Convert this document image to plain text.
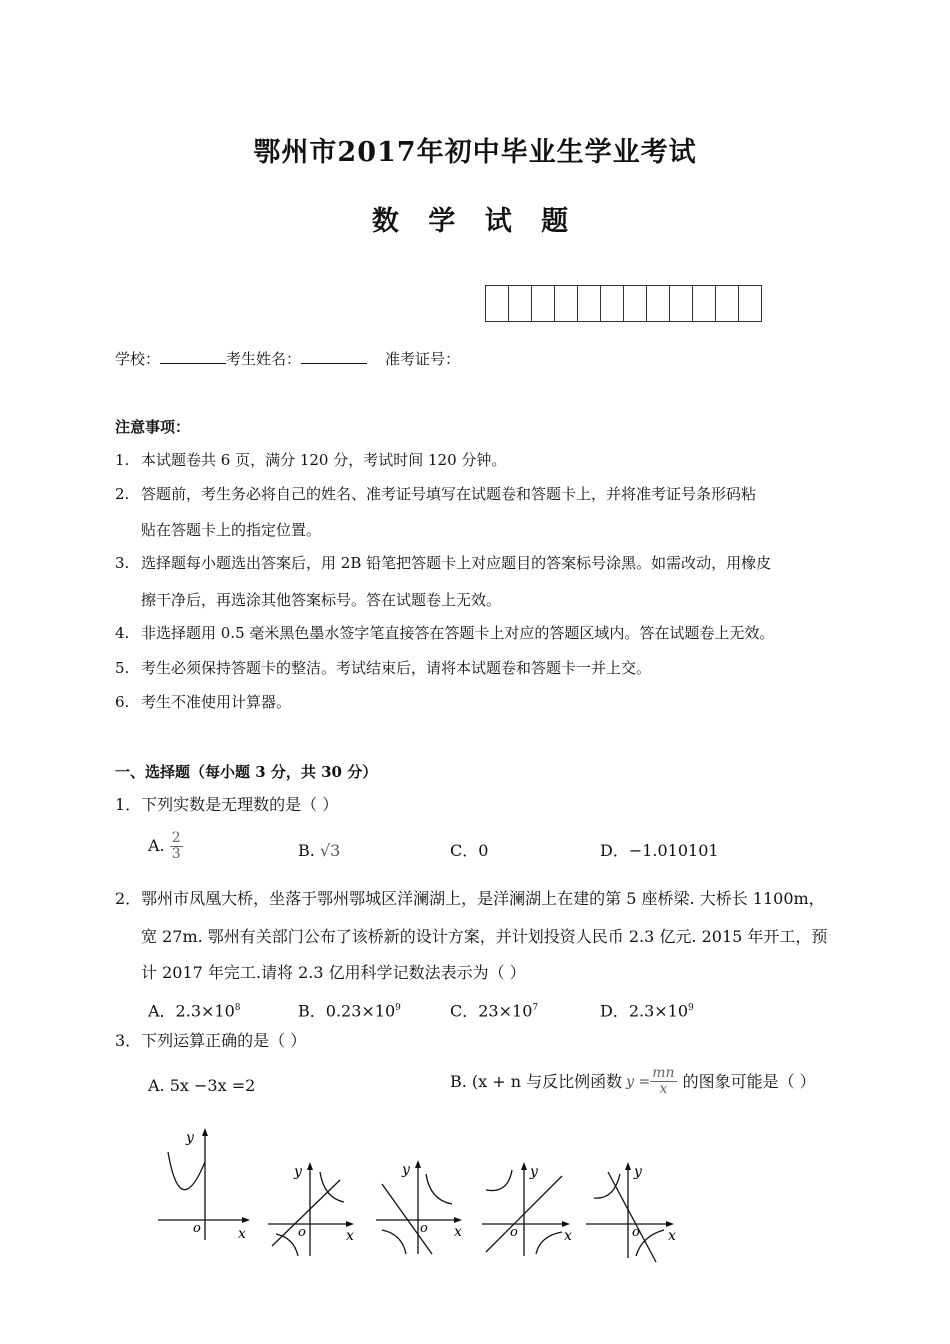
鄂州市2017年初中毕业生学业考试
数 学 试 题
学校：	考生姓名：	准考证号：
注意事项：
1. 本试题卷共 6 页，满分 120 分，考试时间 120 分钟。
2. 答题前，考生务必将自己的姓名、准考证号填写在试题卷和答题卡上，并将准考证号条形码粘
贴在答题卡上的指定位置。
3. 选择题每小题选出答案后，用 2B 铅笔把答题卡上对应题目的答案标号涂黑。如需改动，用橡皮
擦干净后，再选涂其他答案标号。答在试题卷上无效。
4. 非选择题用 0.5 毫米黑色墨水签字笔直接答在答题卡上对应的答题区域内。答在试题卷上无效。
5. 考生必须保持答题卡的整洁。考试结束后，请将本试题卷和答题卡一并上交。
6. 考生不准使用计算器。
一、选择题（每小题 3 分，共 30 分）
1．下列实数是无理数的是（ ）
A. $\frac{2}{3}$	B. √3	C．0	D．−1.010101
2．鄂州市凤凰大桥，坐落于鄂州鄂城区洋澜湖上，是洋澜湖上在建的第 5 座桥梁. 大桥长 1100m，
宽 27m. 鄂州有关部门公布了该桥新的设计方案，并计划投资人民币 2.3 亿元. 2015 年开工，预
计 2017 年完工.请将 2.3 亿用科学记数法表示为（ ）
A．$2.3\times 10^8$	B．$0.23\times 10^9$	C．$23\times 10^7$	D．$2.3\times 10^9$
3．下列运算正确的是（ ）
A. 5x −3x =2	B. (x + n 与反比例函数 $y = \frac{mn}{x}$ 的图象可能是（ ）
y
o	x
y
o	x
y
o x
y
o	x
y
o x
